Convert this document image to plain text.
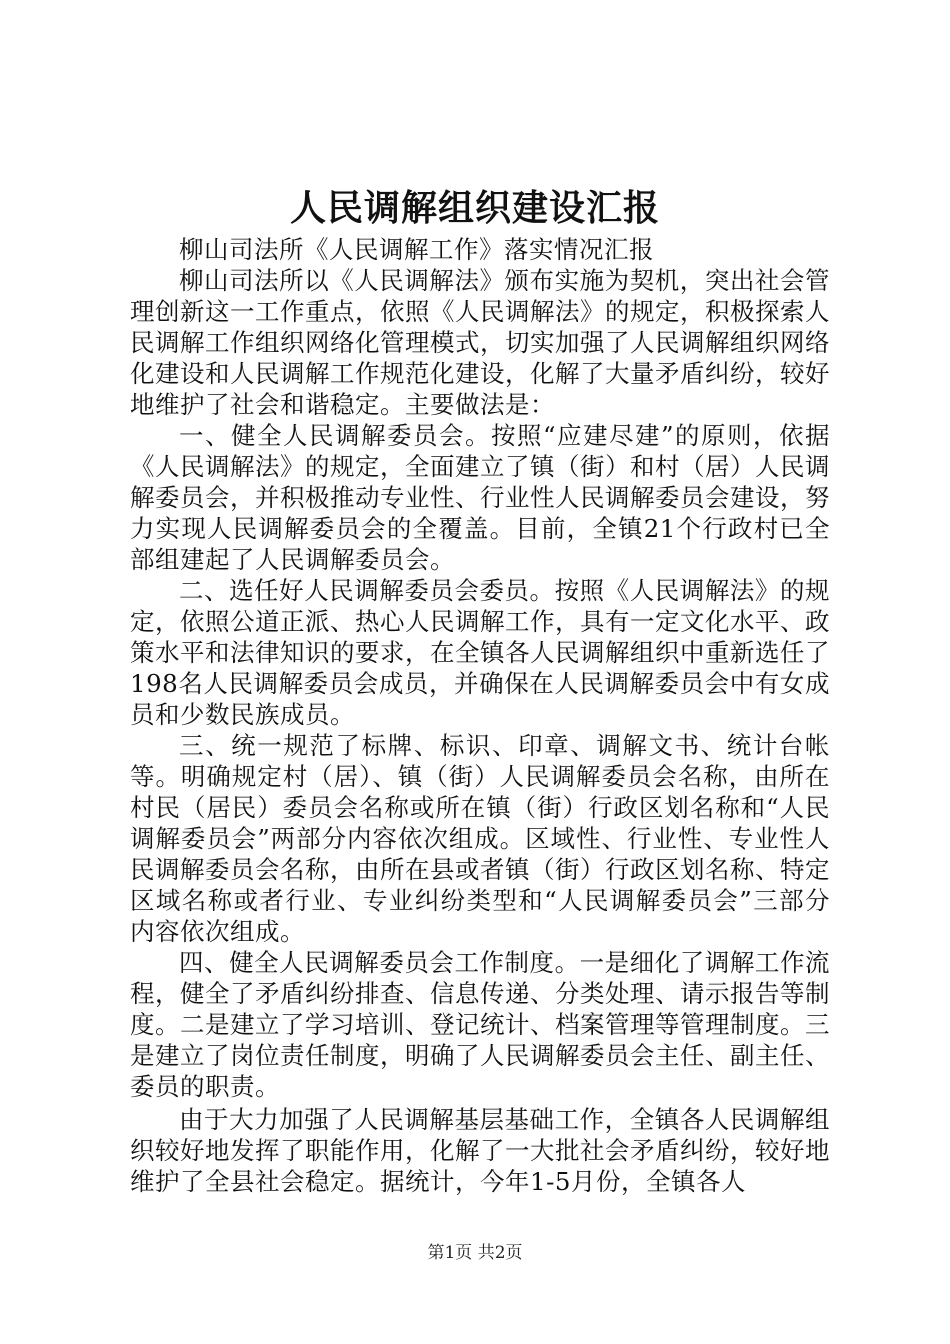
人民调解组织建设汇报

柳山司法所《人民调解工作》落实情况汇报

柳山司法所以《人民调解法》颁布实施为契机，突出社会管理创新这一工作重点，依照《人民调解法》的规定，积极探索人民调解工作组织网络化管理模式，切实加强了人民调解组织网络化建设和人民调解工作规范化建设，化解了大量矛盾纠纷，较好地维护了社会和谐稳定。主要做法是：

一、健全人民调解委员会。按照“应建尽建”的原则，依据《人民调解法》的规定，全面建立了镇（街）和村（居）人民调解委员会，并积极推动专业性、行业性人民调解委员会建设，努力实现人民调解委员会的全覆盖。目前，全镇21个行政村已全部组建起了人民调解委员会。

二、选任好人民调解委员会委员。按照《人民调解法》的规定，依照公道正派、热心人民调解工作，具有一定文化水平、政策水平和法律知识的要求，在全镇各人民调解组织中重新选任了198名人民调解委员会成员，并确保在人民调解委员会中有女成员和少数民族成员。

三、统一规范了标牌、标识、印章、调解文书、统计台帐等。明确规定村（居）、镇（街）人民调解委员会名称，由所在村民（居民）委员会名称或所在镇（街）行政区划名称和“人民调解委员会”两部分内容依次组成。区域性、行业性、专业性人民调解委员会名称，由所在县或者镇（街）行政区划名称、特定区域名称或者行业、专业纠纷类型和“人民调解委员会”三部分内容依次组成。

四、健全人民调解委员会工作制度。一是细化了调解工作流程，健全了矛盾纠纷排查、信息传递、分类处理、请示报告等制度。二是建立了学习培训、登记统计、档案管理等管理制度。三是建立了岗位责任制度，明确了人民调解委员会主任、副主任、委员的职责。

由于大力加强了人民调解基层基础工作，全镇各人民调解组织较好地发挥了职能作用，化解了一大批社会矛盾纠纷，较好地维护了全县社会稳定。据统计，今年1-5月份，全镇各人

第1页 共2页
